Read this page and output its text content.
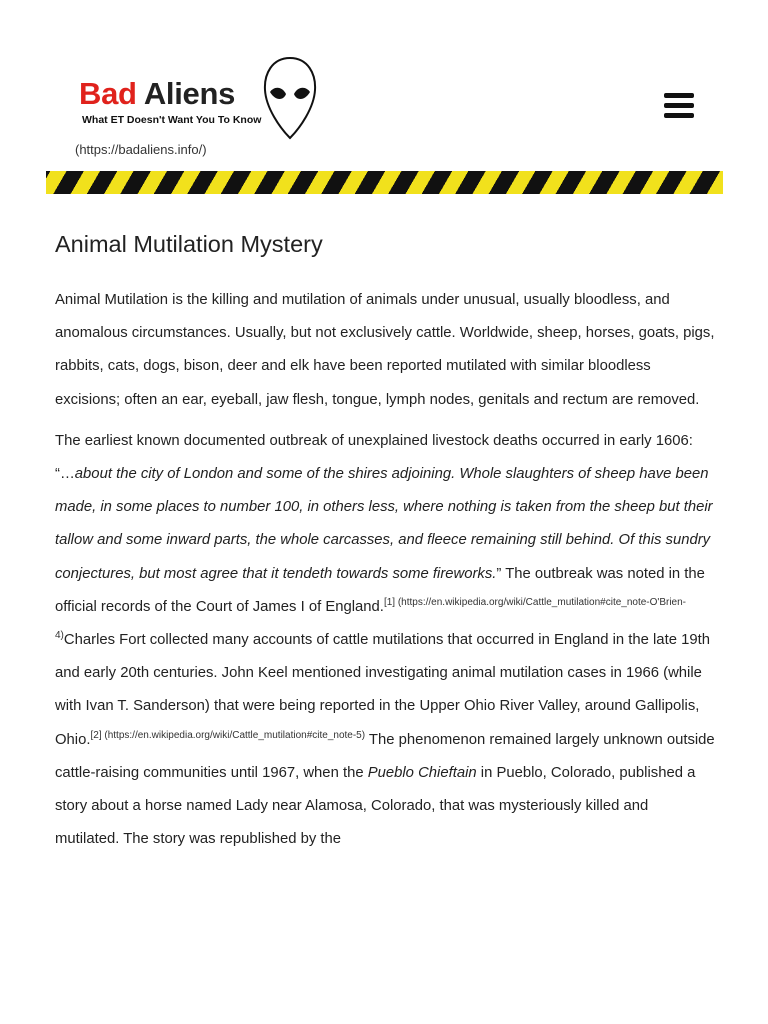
Bad Aliens
What ET Doesn't Want You To Know
(https://badaliens.info/)
Animal Mutilation Mystery

Animal Mutilation is the killing and mutilation of animals under unusual, usually bloodless, and anomalous circumstances. Usually, but not exclusively cattle. Worldwide, sheep, horses, goats, pigs, rabbits, cats, dogs, bison, deer and elk have been reported mutilated with similar bloodless excisions; often an ear, eyeball, jaw flesh, tongue, lymph nodes, genitals and rectum are removed.

The earliest known documented outbreak of unexplained livestock deaths occurred in early 1606: “…about the city of London and some of the shires adjoining. Whole slaughters of sheep have been made, in some places to number 100, in others less, where nothing is taken from the sheep but their tallow and some inward parts, the whole carcasses, and fleece remaining still behind. Of this sundry conjectures, but most agree that it tendeth towards some fireworks.” The outbreak was noted in the official records of the Court of James I of England.$^{[1] (https://en.wikipedia.org/wiki/Cattle\_mutilation\#cite\_note-O'Brien-4)}$Charles Fort collected many accounts of cattle mutilations that occurred in England in the late 19th and early 20th centuries. John Keel mentioned investigating animal mutilation cases in 1966 (while with Ivan T. Sanderson) that were being reported in the Upper Ohio River Valley, around Gallipolis, Ohio.$^{[2] (https://en.wikipedia.org/wiki/Cattle\_mutilation\#cite\_note-5)}$ The phenomenon remained largely unknown outside cattle-raising communities until 1967, when the Pueblo Chieftain in Pueblo, Colorado, published a story about a horse named Lady near Alamosa, Colorado, that was mysteriously killed and mutilated. The story was republished by the
